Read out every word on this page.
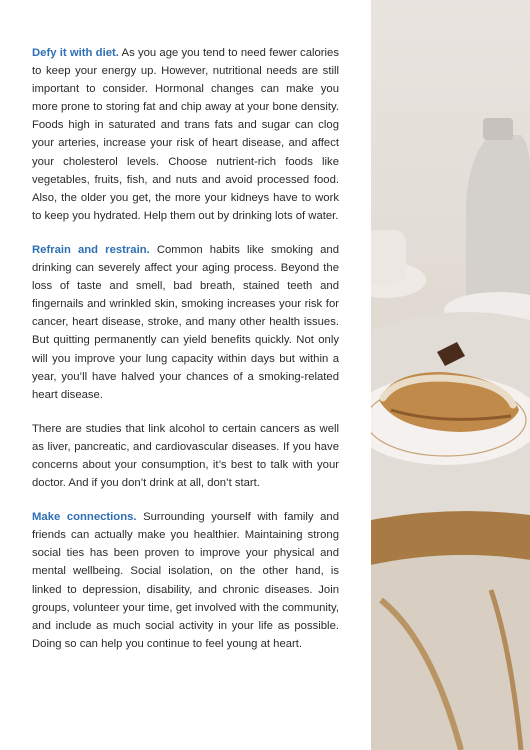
Defy it with diet. As you age you tend to need fewer calories to keep your energy up. However, nutritional needs are still important to consider. Hormonal changes can make you more prone to storing fat and chip away at your bone density. Foods high in saturated and trans fats and sugar can clog your arteries, increase your risk of heart disease, and affect your cholesterol levels. Choose nutrient-rich foods like vegetables, fruits, fish, and nuts and avoid processed food. Also, the older you get, the more your kidneys have to work to keep you hydrated. Help them out by drinking lots of water.

Refrain and restrain. Common habits like smoking and drinking can severely affect your aging process. Beyond the loss of taste and smell, bad breath, stained teeth and fingernails and wrinkled skin, smoking increases your risk for cancer, heart disease, stroke, and many other health issues. But quitting permanently can yield benefits quickly. Not only will you improve your lung capacity within days but within a year, you’ll have halved your chances of a smoking-related heart disease.

There are studies that link alcohol to certain cancers as well as liver, pancreatic, and cardiovascular diseases. If you have concerns about your consumption, it’s best to talk with your doctor. And if you don’t drink at all, don’t start.

Make connections. Surrounding yourself with family and friends can actually make you healthier. Maintaining strong social ties has been proven to improve your physical and mental wellbeing. Social isolation, on the other hand, is linked to depression, disability, and chronic diseases. Join groups, volunteer your time, get involved with the community, and include as much social activity in your life as possible. Doing so can help you continue to feel young at heart.
